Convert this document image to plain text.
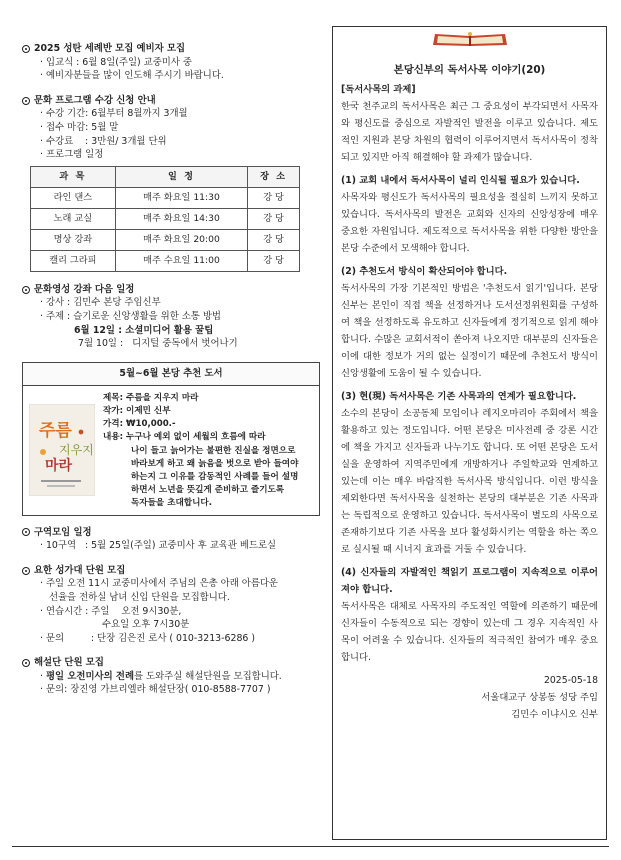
2025 성탄 세례반 모집 예비자 모집
· 입교식 : 6월 8일(주일) 교중미사 중
· 예비자분들을 많이 인도해 주시기 바랍니다.
문화 프로그램 수강 신청 안내
· 수강 기간: 6월부터 8월까지 3개월
· 접수 마감: 5월 말
· 수강료    : 3만원/ 3개월 단위
· 프로그램 일정
과 목	일 정	장 소
라인 댄스	매주 화요일 11:30	강 당
노래 교실	매주 화요일 14:30	강 당
명상 강좌	매주 화요일 20:00	강 당
캘리 그라피	매주 수요일 11:00	강 당
문화영성 강좌 다음 일정
· 강사 : 김민수 본당 주임신부
· 주제 : 슬기로운 신앙생활을 위한 소통 방법
6월 12일 : 소셜미디어 활용 꿀팁
7월 10일 :   디지털 중독에서 벗어나기
5월~6월 본당 추천 도서
주름
지우지
마라
제목: 주름을 지우지 마라
작가: 이제민 신부
가격: ₩10,000.-
내용: 누구나 예외 없이 세월의 흐름에 따라
나이 들고 늙어가는 불편한 진실을 정면으로
바라보게 하고 왜 늙음을 벗으로 받아 들여야
하는지 그 이유를 감동적인 사례를 들어 설명
하면서 노년을 뜻깊게 준비하고 즐기도록
독자들을 초대합니다.
구역모임 일정
· 10구역   : 5월 25일(주일) 교중미사 후 교육관 베드로실
요한 성가대 단원 모집
· 주일 오전 11시 교중미사에서 주님의 은총 아래 아름다운
선율을 전하실 남녀 신입 단원을 모집합니다.
· 연습시간 : 주일    오전 9시30분,
수요일 오후 7시30분
· 문의         : 단장 김은진 로사 ( 010-3213-6286 )
해설단 단원 모집
· 평일 오전미사의 전례를 도와주실 해설단원을 모집합니다.
· 문의: 장진영 가브리엘라 해설단장( 010-8588-7707 )
본당신부의 독서사목 이야기(20)

[독서사목의 과제]
한국 천주교의 독서사목은 최근 그 중요성이 부각되면서 사목자와 평신도를 중심으로 자발적인 발전을 이루고 있습니다. 제도적인 지원과 본당 차원의 협력이 이루어지면서 독서사목이 정착되고 있지만 아직 해결해야 할 과제가 많습니다.

(1) 교회 내에서 독서사목이 널리 인식될 필요가 있습니다.
사목자와 평신도가 독서사목의 필요성을 절실히 느끼지 못하고 있습니다. 독서사목의 발전은 교회와 신자의 신앙성장에 매우 중요한 자원입니다. 제도적으로 독서사목을 위한 다양한 방안을 본당 수준에서 모색해야 합니다.

(2) 추천도서 방식이 확산되어야 합니다.
독서사목의 가장 기본적인 방법은 '추천도서 읽기'입니다. 본당신부는 본인이 직접 책을 선정하거나 도서선정위원회를 구성하여 책을 선정하도록 유도하고 신자들에게 정기적으로 읽게 해야 합니다. 수많은 교회서적이 쏟아져 나오지만 대부분의 신자들은 이에 대한 정보가 거의 없는 실정이기 때문에 추천도서 방식이 신앙생활에 도움이 될 수 있습니다.

(3) 현(現) 독서사목은 기존 사목과의 연계가 필요합니다.
소수의 본당이 소공동체 모임이나 레지오마리아 주회에서 책을 활용하고 있는 정도입니다. 어떤 본당은 미사전례 중 강론 시간에 책을 가지고 신자들과 나누기도 합니다. 또 어떤 본당은 도서실을 운영하여 지역주민에게 개방하거나 주일학교와 연계하고 있는데 이는 매우 바람직한 독서사목 방식입니다. 이런 방식을 제외한다면 독서사목을 실천하는 본당의 대부분은 기존 사목과는 독립적으로 운영하고 있습니다. 독서사목이 별도의 사목으로 존재하기보다 기존 사목을 보다 활성화시키는 역할을 하는 쪽으로 실시될 때 시너지 효과를 거둘 수 있습니다.

(4) 신자들의 자발적인 책읽기 프로그램이 지속적으로 이루어져야 합니다.
독서사목은 대체로 사목자의 주도적인 역할에 의존하기 때문에 신자들이 수동적으로 되는 경향이 있는데 그 경우 지속적인 사목이 어려울 수 있습니다. 신자들의 적극적인 참여가 매우 중요합니다.

2025-05-18
서울대교구 상봉동 성당 주임
김민수 이냐시오 신부
